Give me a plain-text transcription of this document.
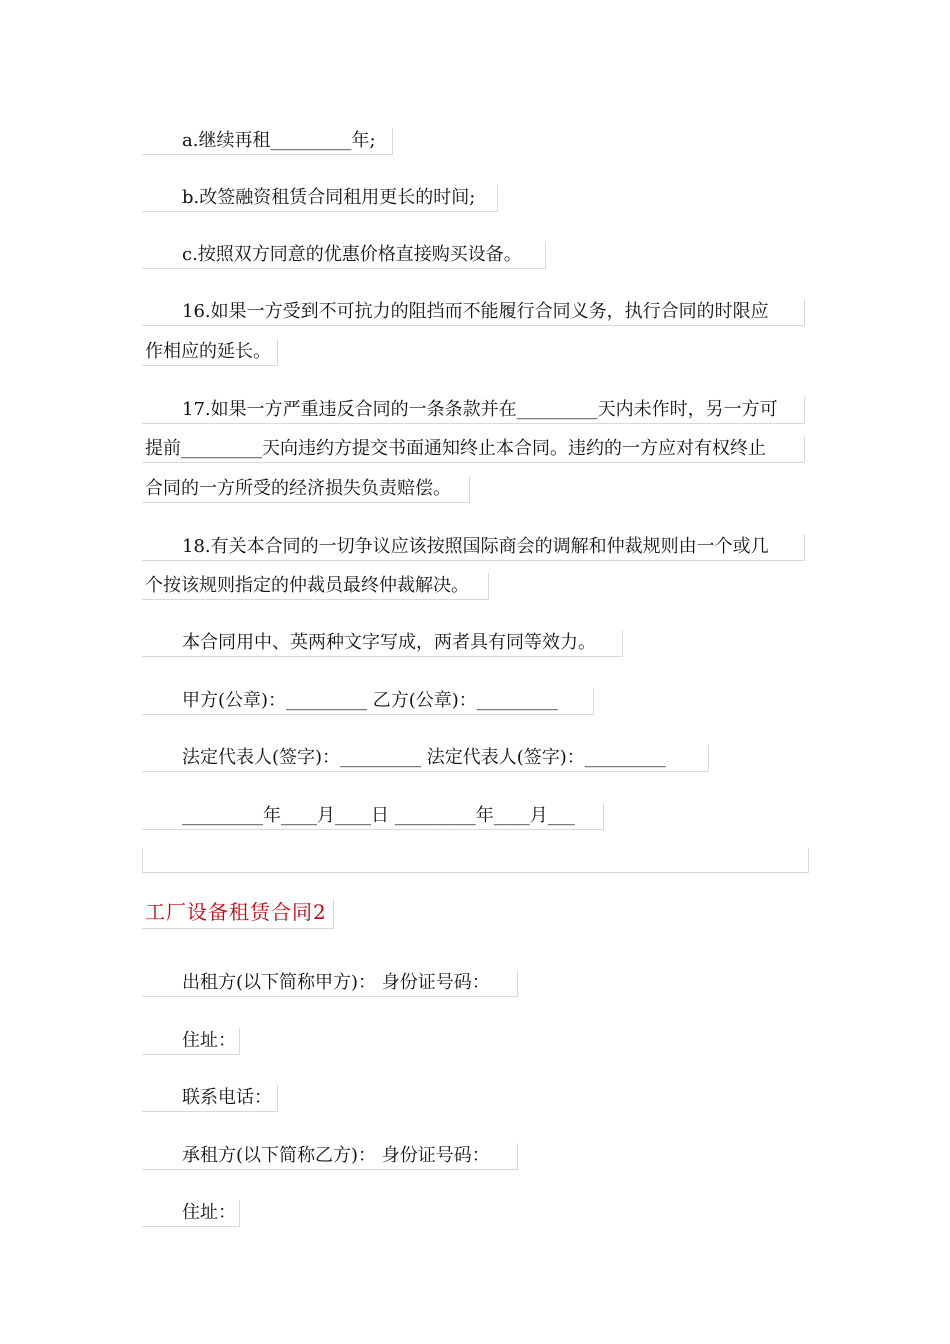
a.继续再租_________年;
b.改签融资租赁合同租用更长的时间;
c.按照双方同意的优惠价格直接购买设备。
16.如果一方受到不可抗力的阻挡而不能履行合同义务，执行合同的时限应
作相应的延长。
17.如果一方严重违反合同的一条条款并在_________天内未作时，另一方可
提前_________天向违约方提交书面通知终止本合同。违约的一方应对有权终止
合同的一方所受的经济损失负责赔偿。
18.有关本合同的一切争议应该按照国际商会的调解和仲裁规则由一个或几
个按该规则指定的仲裁员最终仲裁解决。
本合同用中、英两种文字写成，两者具有同等效力。
甲方(公章)：_________ 乙方(公章)：_________
法定代表人(签字)：_________ 法定代表人(签字)：_________
_________年____月____日 _________年____月___
工厂设备租赁合同2
出租方(以下简称甲方)： 身份证号码：
住址：
联系电话：
承租方(以下简称乙方)： 身份证号码：
住址：
